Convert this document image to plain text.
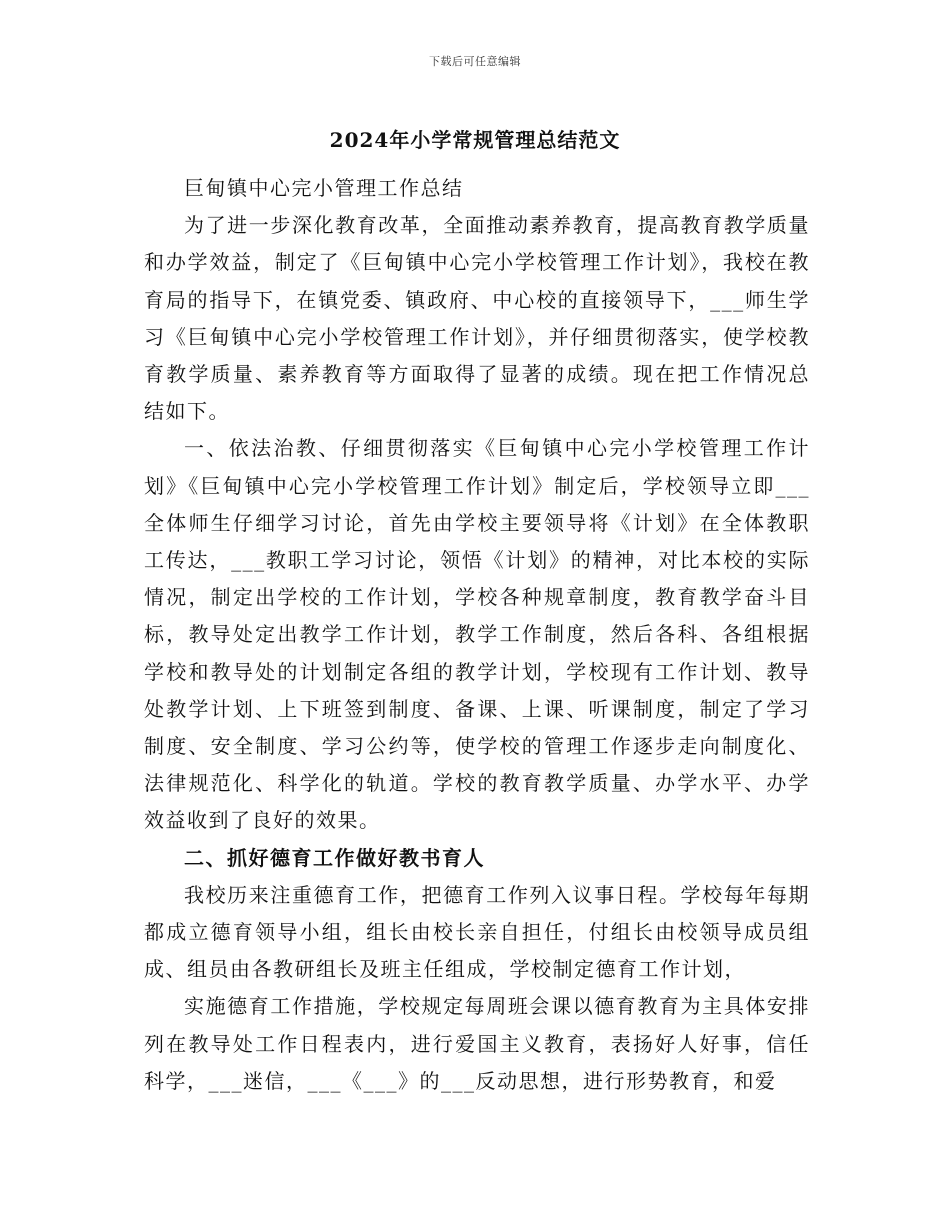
下载后可任意编辑
2024年小学常规管理总结范文

巨甸镇中心完小管理工作总结

为了进一步深化教育改革，全面推动素养教育，提高教育教学质量和办学效益，制定了《巨甸镇中心完小学校管理工作计划》，我校在教育局的指导下，在镇党委、镇政府、中心校的直接领导下，___师生学习《巨甸镇中心完小学校管理工作计划》，并仔细贯彻落实，使学校教育教学质量、素养教育等方面取得了显著的成绩。现在把工作情况总结如下。

一、依法治教、仔细贯彻落实《巨甸镇中心完小学校管理工作计划》《巨甸镇中心完小学校管理工作计划》制定后，学校领导立即___全体师生仔细学习讨论，首先由学校主要领导将《计划》在全体教职工传达，___教职工学习讨论，领悟《计划》的精神，对比本校的实际情况，制定出学校的工作计划，学校各种规章制度，教育教学奋斗目标，教导处定出教学工作计划，教学工作制度，然后各科、各组根据学校和教导处的计划制定各组的教学计划，学校现有工作计划、教导处教学计划、上下班签到制度、备课、上课、听课制度，制定了学习制度、安全制度、学习公约等，使学校的管理工作逐步走向制度化、法律规范化、科学化的轨道。学校的教育教学质量、办学水平、办学效益收到了良好的效果。

二、抓好德育工作做好教书育人

我校历来注重德育工作，把德育工作列入议事日程。学校每年每期都成立德育领导小组，组长由校长亲自担任，付组长由校领导成员组成、组员由各教研组长及班主任组成，学校制定德育工作计划，

实施德育工作措施，学校规定每周班会课以德育教育为主具体安排列在教导处工作日程表内，进行爱国主义教育，表扬好人好事，信任科学，___迷信，___《___》的___反动思想，进行形势教育，和爱
